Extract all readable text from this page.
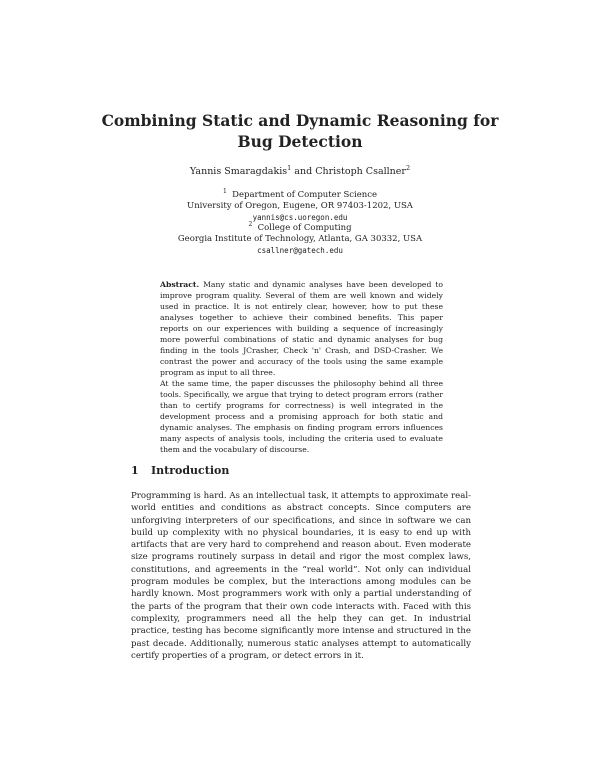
Combining Static and Dynamic Reasoning for
Bug Detection
Yannis Smaragdakis$^1$ and Christoph Csallner$^2$
$^1$ Department of Computer Science
University of Oregon, Eugene, OR 97403-1202, USA
yannis@cs.uoregon.edu
$^2$ College of Computing
Georgia Institute of Technology, Atlanta, GA 30332, USA
csallner@gatech.edu

Abstract. Many static and dynamic analyses have been developed to improve program quality. Several of them are well known and widely used in practice. It is not entirely clear, however, how to put these analyses together to achieve their combined benefits. This paper reports on our experiences with building a sequence of increasingly more powerful combinations of static and dynamic analyses for bug finding in the tools JCrasher, Check 'n' Crash, and DSD-Crasher. We contrast the power and accuracy of the tools using the same example program as input to all three.

At the same time, the paper discusses the philosophy behind all three tools. Specifically, we argue that trying to detect program errors (rather than to certify programs for correctness) is well integrated in the development process and a promising approach for both static and dynamic analyses. The emphasis on finding program errors influences many aspects of analysis tools, including the criteria used to evaluate them and the vocabulary of discourse.

1 Introduction

Programming is hard. As an intellectual task, it attempts to approximate real-world entities and conditions as abstract concepts. Since computers are unforgiving interpreters of our specifications, and since in software we can build up complexity with no physical boundaries, it is easy to end up with artifacts that are very hard to comprehend and reason about. Even moderate size programs routinely surpass in detail and rigor the most complex laws, constitutions, and agreements in the “real world”. Not only can individual program modules be complex, but the interactions among modules can be hardly known. Most programmers work with only a partial understanding of the parts of the program that their own code interacts with. Faced with this complexity, programmers need all the help they can get. In industrial practice, testing has become significantly more intense and structured in the past decade. Additionally, numerous static analyses attempt to automatically certify properties of a program, or detect errors in it.
